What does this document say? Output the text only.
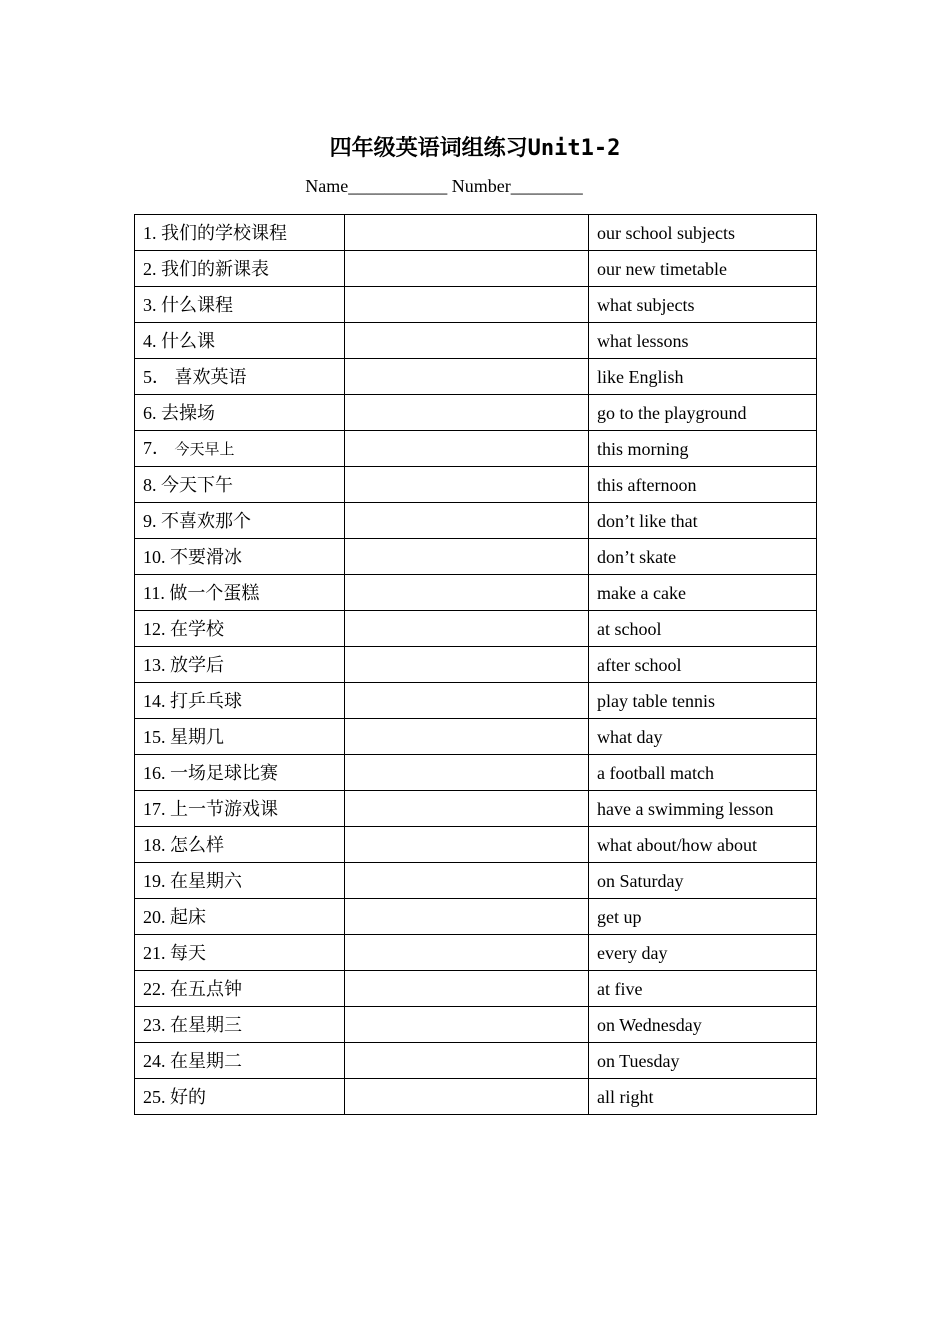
四年级英语词组练习Unit1-2
Name___________ Number________
1. 我们的学校课程		our school subjects
2. 我们的新课表		our new timetable
3. 什么课程		what subjects
4. 什么课		what lessons
5． 喜欢英语		like English
6. 去操场		go to the playground
7． 今天早上		this morning
8. 今天下午		this afternoon
9. 不喜欢那个		don’t like that
10. 不要滑冰		don’t skate
11. 做一个蛋糕		make a cake
12. 在学校		at school
13. 放学后		after school
14. 打乒乓球		play table tennis
15. 星期几		what day
16. 一场足球比赛		a football match
17. 上一节游戏课		have a swimming lesson
18. 怎么样		what about/how about
19. 在星期六		on Saturday
20. 起床		get up
21. 每天		every day
22. 在五点钟		at five
23. 在星期三		on Wednesday
24. 在星期二		on Tuesday
25. 好的		all right
